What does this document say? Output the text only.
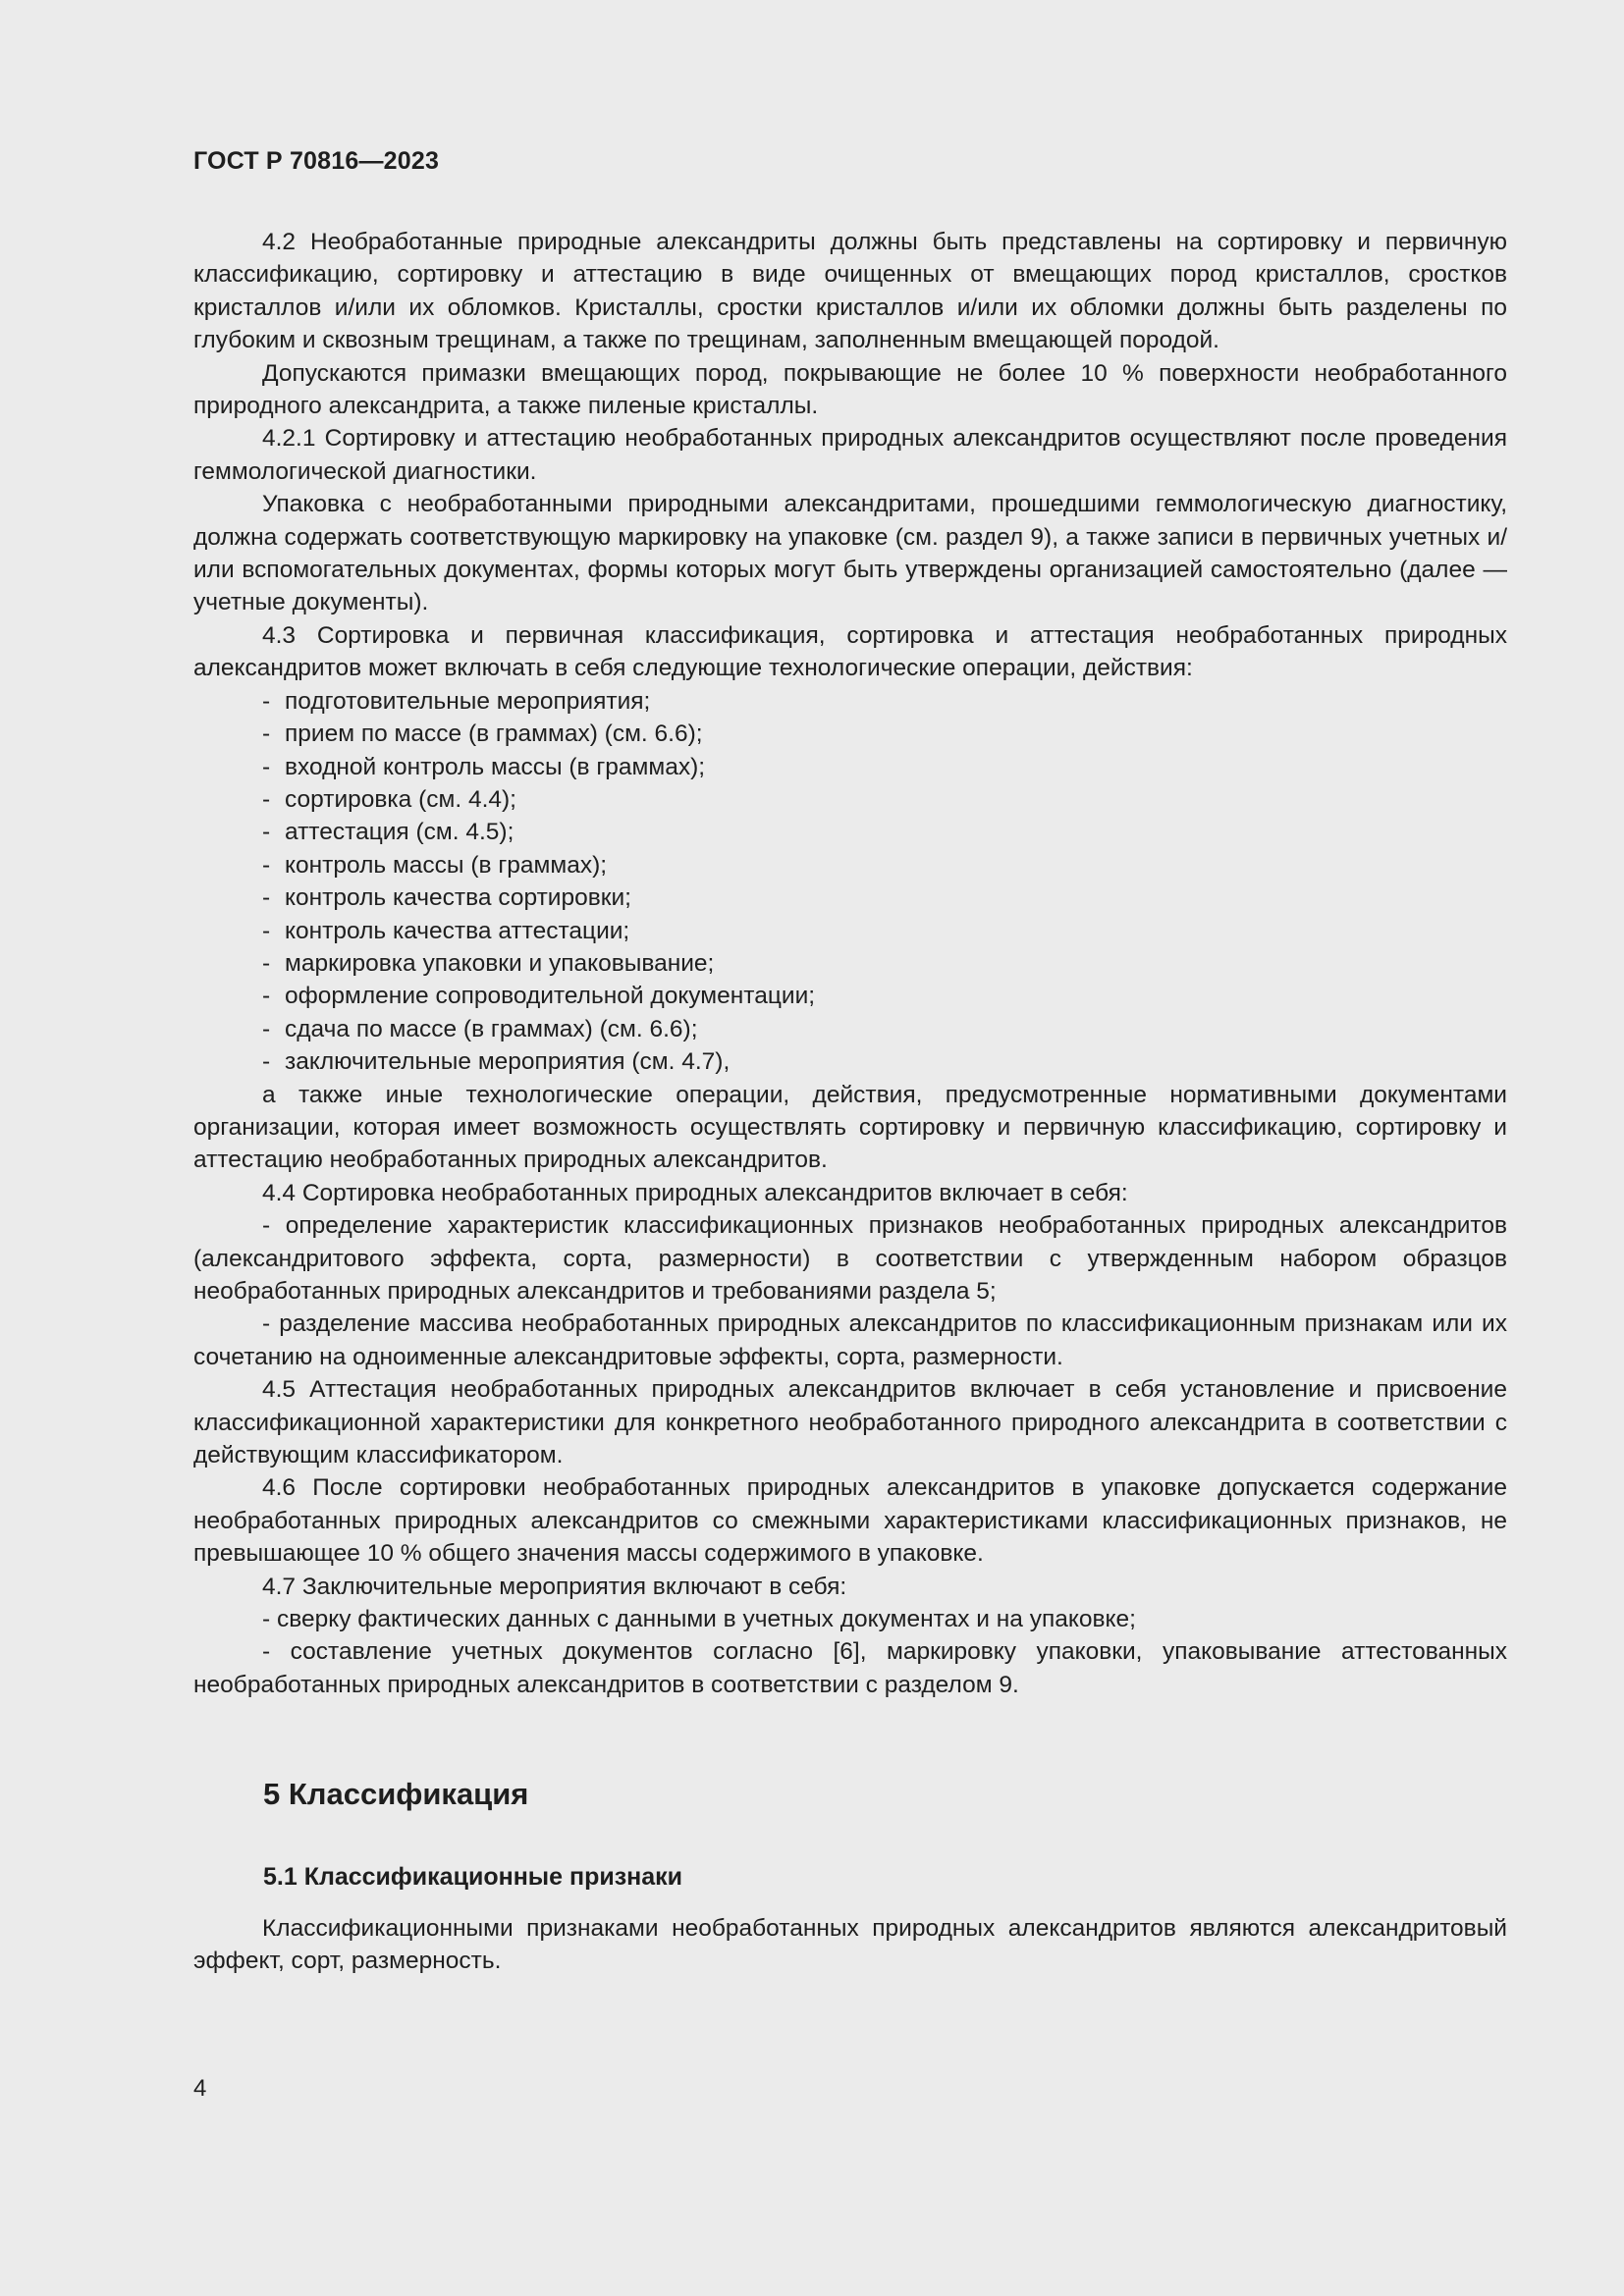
ГОСТ Р 70816—2023

4.2 Необработанные природные александриты должны быть представлены на сортировку и первичную классификацию, сортировку и аттестацию в виде очищенных от вмещающих пород кристаллов, сростков кристаллов и/или их обломков. Кристаллы, сростки кристаллов и/или их обломки должны быть разделены по глубоким и сквозным трещинам, а также по трещинам, заполненным вмещающей породой.

Допускаются примазки вмещающих пород, покрывающие не более 10 % поверхности необработанного природного александрита, а также пиленые кристаллы.

4.2.1 Сортировку и аттестацию необработанных природных александритов осуществляют после проведения геммологической диагностики.

Упаковка с необработанными природными александритами, прошедшими геммологическую диагностику, должна содержать соответствующую маркировку на упаковке (см. раздел 9), а также записи в первичных учетных и/или вспомогательных документах, формы которых могут быть утверждены организацией самостоятельно (далее — учетные документы).

4.3 Сортировка и первичная классификация, сортировка и аттестация необработанных природных александритов может включать в себя следующие технологические операции, действия:

- подготовительные мероприятия;
- прием по массе (в граммах) (см. 6.6);
- входной контроль массы (в граммах);
- сортировка (см. 4.4);
- аттестация (см. 4.5);
- контроль массы (в граммах);
- контроль качества сортировки;
- контроль качества аттестации;
- маркировка упаковки и упаковывание;
- оформление сопроводительной документации;
- сдача по массе (в граммах) (см. 6.6);
- заключительные мероприятия (см. 4.7),

а также иные технологические операции, действия, предусмотренные нормативными документами организации, которая имеет возможность осуществлять сортировку и первичную классификацию, сортировку и аттестацию необработанных природных александритов.

4.4 Сортировка необработанных природных александритов включает в себя:

- определение характеристик классификационных признаков необработанных природных александритов (александритового эффекта, сорта, размерности) в соответствии с утвержденным набором образцов необработанных природных александритов и требованиями раздела 5;

- разделение массива необработанных природных александритов по классификационным признакам или их сочетанию на одноименные александритовые эффекты, сорта, размерности.

4.5 Аттестация необработанных природных александритов включает в себя установление и присвоение классификационной характеристики для конкретного необработанного природного александрита в соответствии с действующим классификатором.

4.6 После сортировки необработанных природных александритов в упаковке допускается содержание необработанных природных александритов со смежными характеристиками классификационных признаков, не превышающее 10 % общего значения массы содержимого в упаковке.

4.7 Заключительные мероприятия включают в себя:

- сверку фактических данных с данными в учетных документах и на упаковке;

- составление учетных документов согласно [6], маркировку упаковки, упаковывание аттестованных необработанных природных александритов в соответствии с разделом 9.

5 Классификация
5.1 Классификационные признаки

Классификационными признаками необработанных природных александритов являются александритовый эффект, сорт, размерность.

4
